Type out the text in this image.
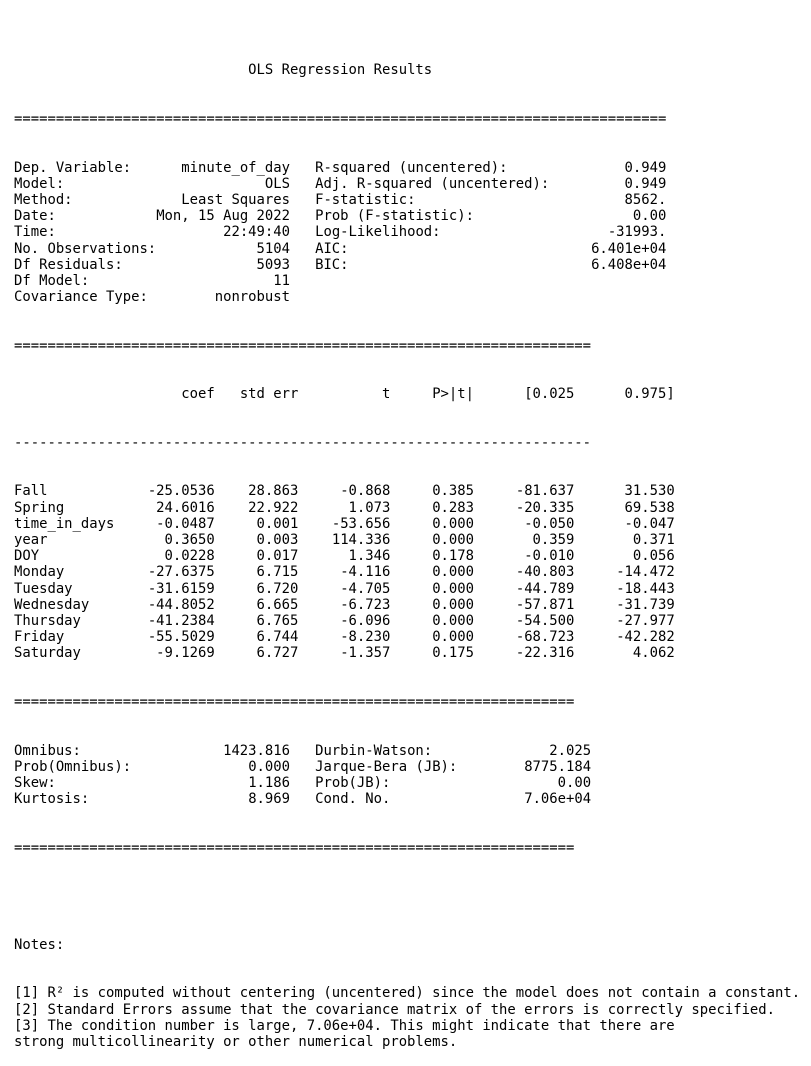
OLS Regression Results

==============================================================================

Dep. Variable:	minute_of_day R-squared (uncentered):	0.949
Model:	OLS Adj. R-squared (uncentered):	0.949
Method:	Least Squares F-statistic:	8562.
Date:	Mon, 15 Aug 2022 Prob (F-statistic):	0.00
Time:	22:49:40 Log-Likelihood:	-31993.
No. Observations:	5104 AIC:	6.401e+04
Df Residuals:	5093 BIC:	6.408e+04
Df Model:	11
Covariance Type:	nonrobust

=====================================================================

coef   std err          t     P>|t|      [0.025      0.975]

---------------------------------------------------------------------

Fall            -25.0536    28.863     -0.868     0.385     -81.637      31.530
Spring           24.6016    22.922      1.073     0.283     -20.335      69.538
time_in_days     -0.0487     0.001    -53.656     0.000      -0.050      -0.047
year              0.3650     0.003    114.336     0.000       0.359       0.371
DOY               0.0228     0.017      1.346     0.178      -0.010       0.056
Monday          -27.6375     6.715     -4.116     0.000     -40.803     -14.472
Tuesday         -31.6159     6.720     -4.705     0.000     -44.789     -18.443
Wednesday       -44.8052     6.665     -6.723     0.000     -57.871     -31.739
Thursday        -41.2384     6.765     -6.096     0.000     -54.500     -27.977
Friday          -55.5029     6.744     -8.230     0.000     -68.723     -42.282
Saturday         -9.1269     6.727     -1.357     0.175     -22.316       4.062

===================================================================

Omnibus:	1423.816 Durbin-Watson:	2.025
Prob(Omnibus):	0.000 Jarque-Bera (JB):	8775.184
Skew:	1.186 Prob(JB):	0.00
Kurtosis:	8.969 Cond. No.	7.06e+04

===================================================================

Notes:

[1] R² is computed without centering (uncentered) since the model does not contain a constant.
[2] Standard Errors assume that the covariance matrix of the errors is correctly specified.
[3] The condition number is large, 7.06e+04. This might indicate that there are
strong multicollinearity or other numerical problems.
